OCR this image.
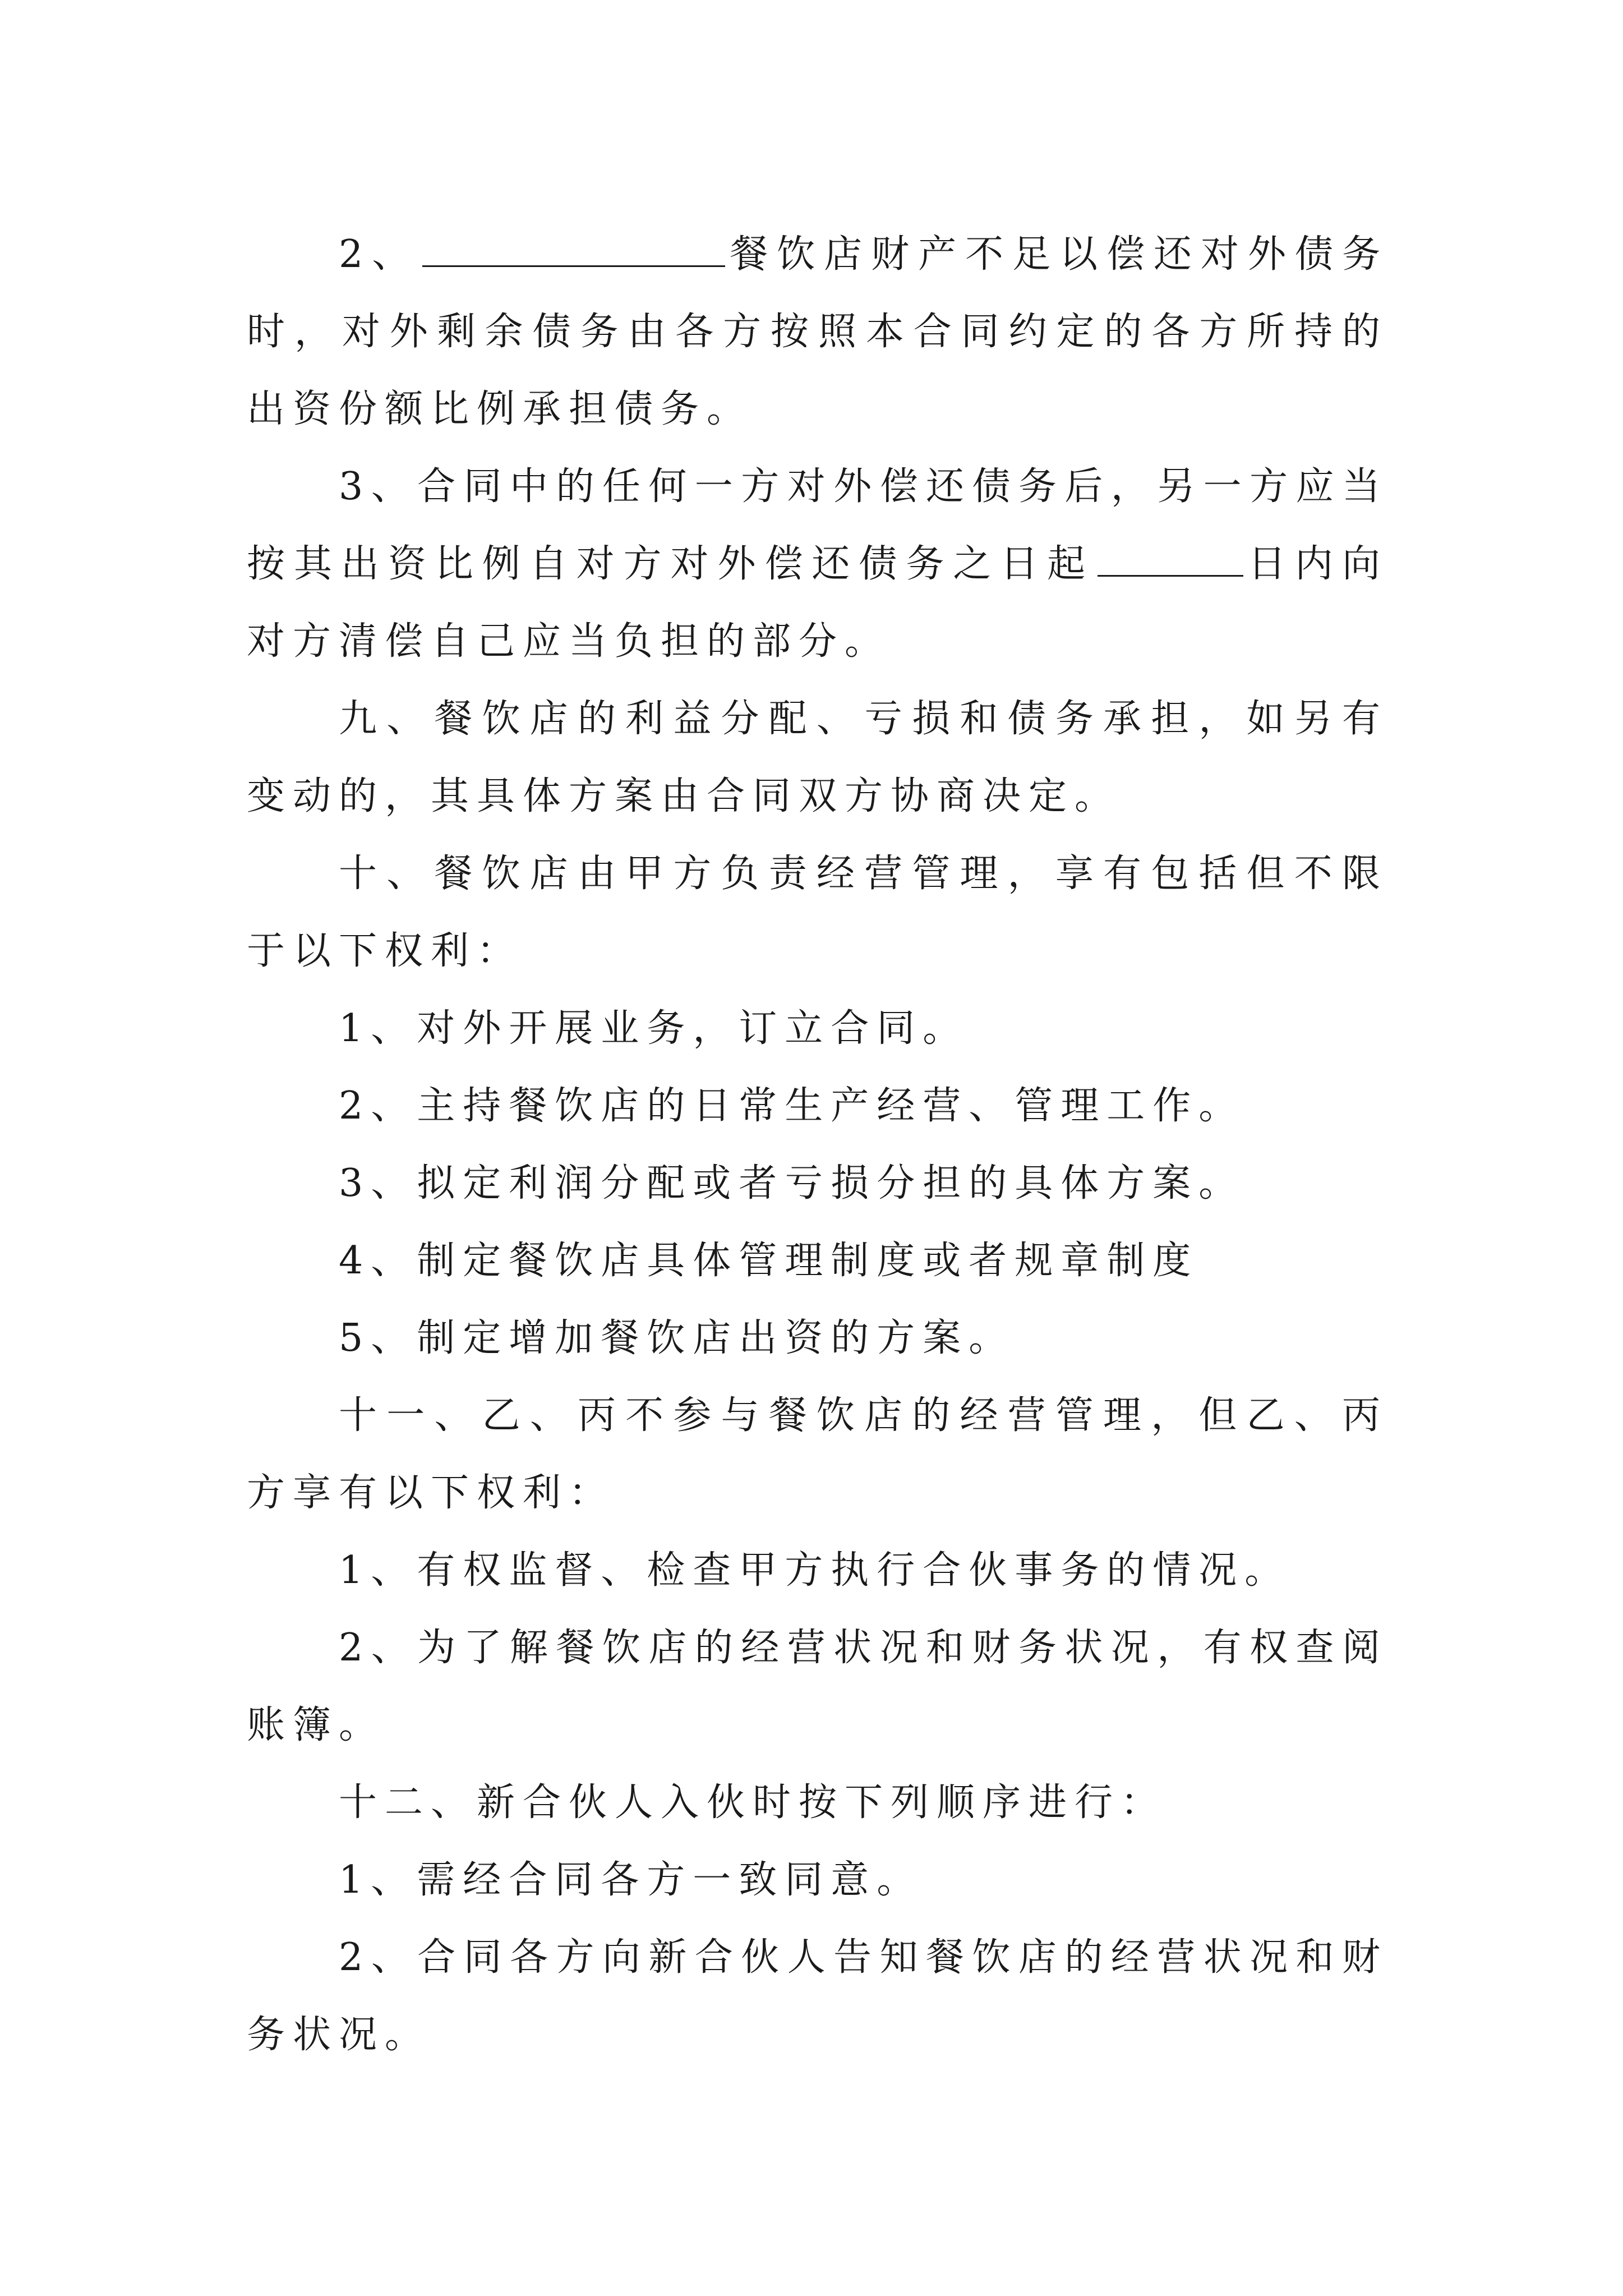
2、	餐饮店财产不足以偿还对外债务时，对外剩余债务由各方按照本合同约定的各方所持的出资份额比例承担债务。

3、合同中的任何一方对外偿还债务后，另一方应当按其出资比例自对方对外偿还债务之日起	日内向对方清偿自己应当负担的部分。

九、餐饮店的利益分配、亏损和债务承担，如另有变动的，其具体方案由合同双方协商决定。

十、餐饮店由甲方负责经营管理，享有包括但不限于以下权利：

1、对外开展业务，订立合同。

2、主持餐饮店的日常生产经营、管理工作。

3、拟定利润分配或者亏损分担的具体方案。

4、制定餐饮店具体管理制度或者规章制度

5、制定增加餐饮店出资的方案。

十一、乙、丙不参与餐饮店的经营管理，但乙、丙方享有以下权利：

1、有权监督、检查甲方执行合伙事务的情况。

2、为了解餐饮店的经营状况和财务状况，有权查阅账簿。

十二、新合伙人入伙时按下列顺序进行：

1、需经合同各方一致同意。

2、合同各方向新合伙人告知餐饮店的经营状况和财务状况。
